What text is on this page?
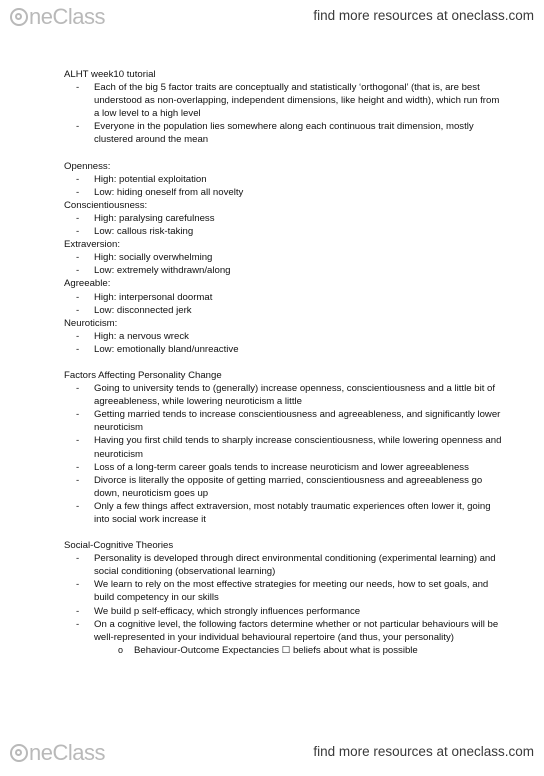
neClass	find more resources at oneclass.com
ALHT week10 tutorial
- Each of the big 5 factor traits are conceptually and statistically ‘orthogonal’ (that is, are best understood as non-overlapping, independent dimensions, like height and width), which run from a low level to a high level
- Everyone in the population lies somewhere along each continuous trait dimension, mostly clustered around the mean
Openness:
- High: potential exploitation
- Low: hiding oneself from all novelty
Conscientiousness:
- High: paralysing carefulness
- Low: callous risk-taking
Extraversion:
- High: socially overwhelming
- Low: extremely withdrawn/along
Agreeable:
- High: interpersonal doormat
- Low: disconnected jerk
Neuroticism:
- High: a nervous wreck
- Low: emotionally bland/unreactive
Factors Affecting Personality Change
- Going to university tends to (generally) increase openness, conscientiousness and a little bit of agreeableness, while lowering neuroticism a little
- Getting married tends to increase conscientiousness and agreeableness, and significantly lower neuroticism
- Having you first child tends to sharply increase conscientiousness, while lowering openness and neuroticism
- Loss of a long-term career goals tends to increase neuroticism and lower agreeableness
- Divorce is literally the opposite of getting married, conscientiousness and agreeableness go down, neuroticism goes up
- Only a few things affect extraversion, most notably traumatic experiences often lower it, going into social work increase it
Social-Cognitive Theories
- Personality is developed through direct environmental conditioning (experimental learning) and social conditioning (observational learning)
- We learn to rely on the most effective strategies for meeting our needs, how to set goals, and build competency in our skills
- We build p self-efficacy, which strongly influences performance
- On a cognitive level, the following factors determine whether or not particular behaviours will be well-represented in your individual behavioural repertoire (and thus, your personality)
o Behaviour-Outcome Expectancies ☐ beliefs about what is possible
neClass	find more resources at oneclass.com
